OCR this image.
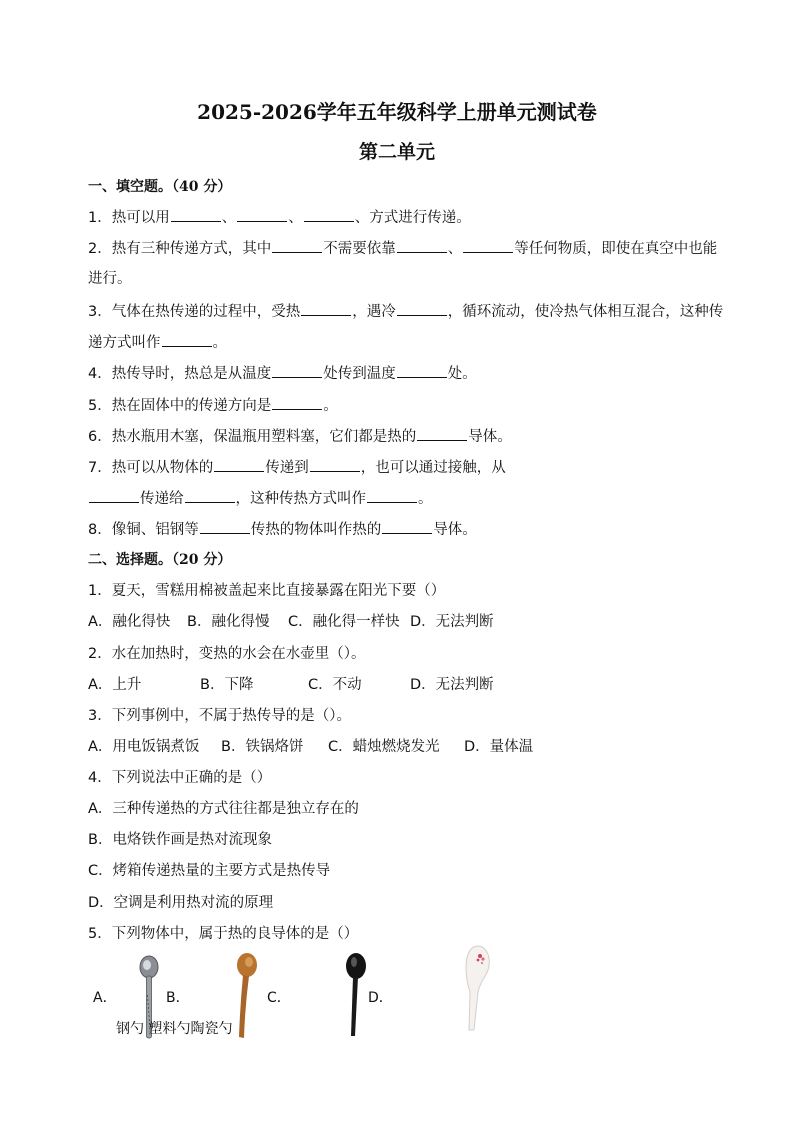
2025-2026学年五年级科学上册单元测试卷
第二单元
一、填空题。（40 分）
1．热可以用	、	、	、方式进行传递。
2．热有三种传递方式，其中	不需要依靠	、	等任何物质，即使在真空中也能
进行。
3．气体在热传递的过程中，受热	，遇冷	，循环流动，使冷热气体相互混合，这种传
递方式叫作	。
4．热传导时，热总是从温度	处传到温度	处。
5．热在固体中的传递方向是	。
6．热水瓶用木塞，保温瓶用塑料塞，它们都是热的	导体。
7．热可以从物体的	传递到	，也可以通过接触，从
传递给	，这种传热方式叫作	。
8．像铜、铝钢等	传热的物体叫作热的	导体。
二、选择题。（20 分）
1．夏天，雪糕用棉被盖起来比直接暴露在阳光下要（）
A．融化得快 B．融化得慢 C．融化得一样快 D．无法判断
2．水在加热时，变热的水会在水壶里（）。
A．上升	B．下降	C．不动	D．无法判断
3．下列事例中，不属于热传导的是（）。
A．用电饭锅煮饭 B．铁锅烙饼 C．蜡烛燃烧发光 D．量体温
4．下列说法中正确的是（）
A．三种传递热的方式往往都是独立存在的
B．电烙铁作画是热对流现象
C．烤箱传递热量的主要方式是热传导
D．空调是利用热对流的原理
5．下列物体中，属于热的良导体的是（）
A．	B．	C．	D．
钢勺 塑料勺陶瓷勺
